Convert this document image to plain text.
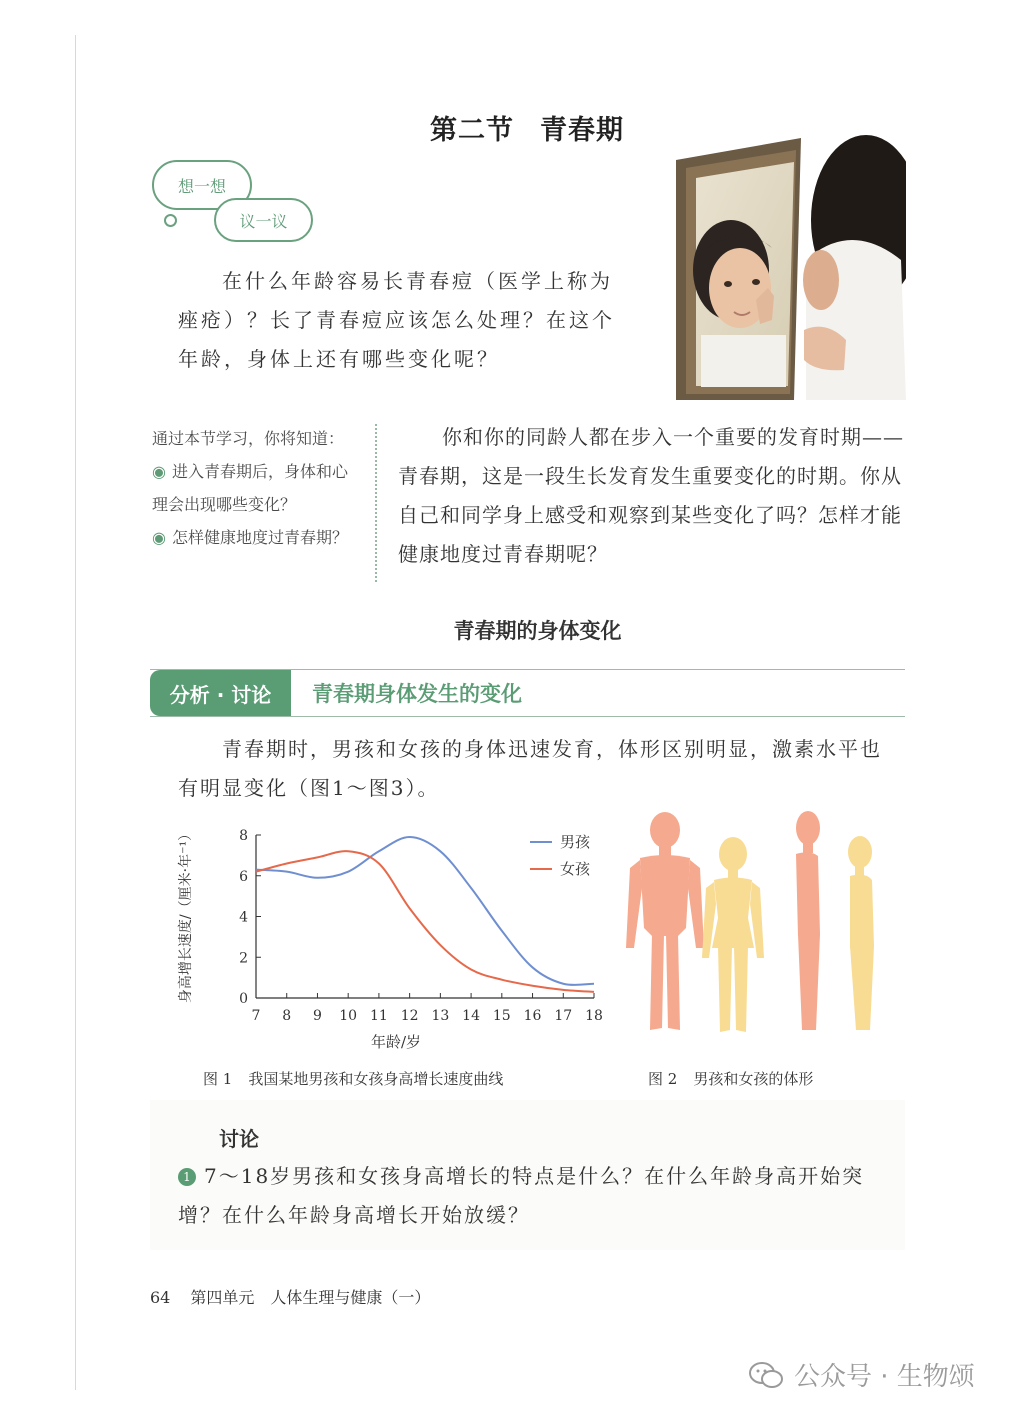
第二节 青春期
想一想
议一议
在什么年龄容易长青春痘（医学上称为
痤疮）？长了青春痘应该怎么处理？在这个
年龄，身体上还有哪些变化呢？
通过本节学习，你将知道：
◉ 进入青春期后，身体和心理会出现哪些变化？
◉ 怎样健康地度过青春期？
你和你的同龄人都在步入一个重要的发育时期——青春期，这是一段生长发育发生重要变化的时期。你从自己和同学身上感受和观察到某些变化了吗？怎样才能健康地度过青春期呢？
青春期的身体变化
分析 · 讨论 青春期身体发生的变化
青春期时，男孩和女孩的身体迅速发育，体形区别明显，激素水平也有明显变化（图1～图3）。
0
2
4
6
8
7 8 9 10 11 12 13 14 15 16 17 18
男孩
女孩
年龄/岁
身高增长速度/（厘米·年⁻¹）
图 1 我国某地男孩和女孩身高增长速度曲线	图 2 男孩和女孩的体形
讨论
1 7～18岁男孩和女孩身高增长的特点是什么？在什么年龄身高开始突增？在什么年龄身高增长开始放缓？
64 第四单元　人体生理与健康（一）
公众号 · 生物颂
